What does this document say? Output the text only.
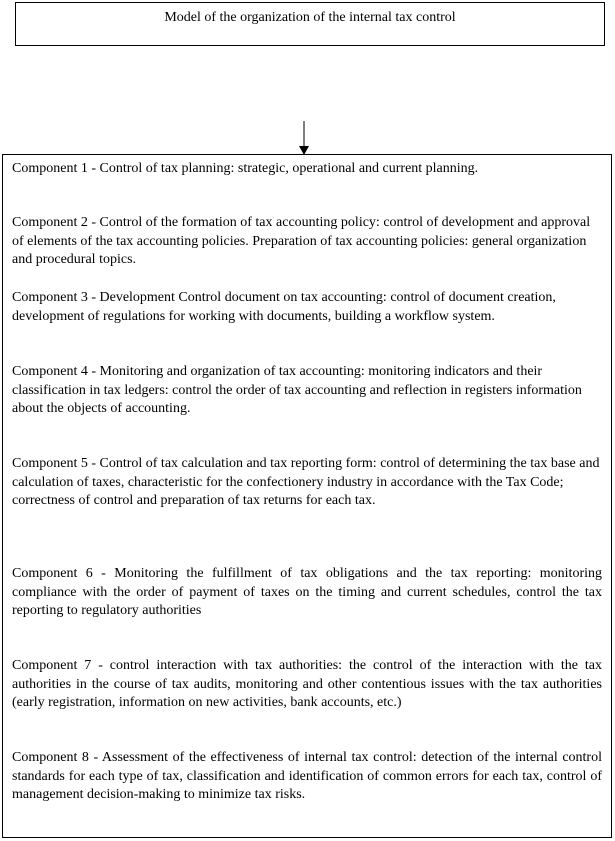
Model of the organization of the internal tax control

Component 1 - Control of tax planning: strategic, operational and current planning.

Component 2 - Control of the formation of tax accounting policy: control of development and approval of elements of the tax accounting policies. Preparation of tax accounting policies: general organization and procedural topics.

Component 3 - Development Control document on tax accounting: control of document creation, development of regulations for working with documents, building a workflow system.

Component 4 - Monitoring and organization of tax accounting: monitoring indicators and their classification in tax ledgers: control the order of tax accounting and reflection in registers information about the objects of accounting.

Component 5 - Control of tax calculation and tax reporting form: control of determining the tax base and calculation of taxes, characteristic for the confectionery industry in accordance with the Tax Code; correctness of control and preparation of tax returns for each tax.

Component 6 - Monitoring the fulfillment of tax obligations and the tax reporting: monitoring compliance with the order of payment of taxes on the timing and current schedules, control the tax reporting to regulatory authorities

Component 7 - control interaction with tax authorities: the control of the interaction with the tax authorities in the course of tax audits, monitoring and other contentious issues with the tax authorities (early registration, information on new activities, bank accounts, etc.)

Component 8 - Assessment of the effectiveness of internal tax control: detection of the internal control standards for each type of tax, classification and identification of common errors for each tax, control of management decision-making to minimize tax risks.
